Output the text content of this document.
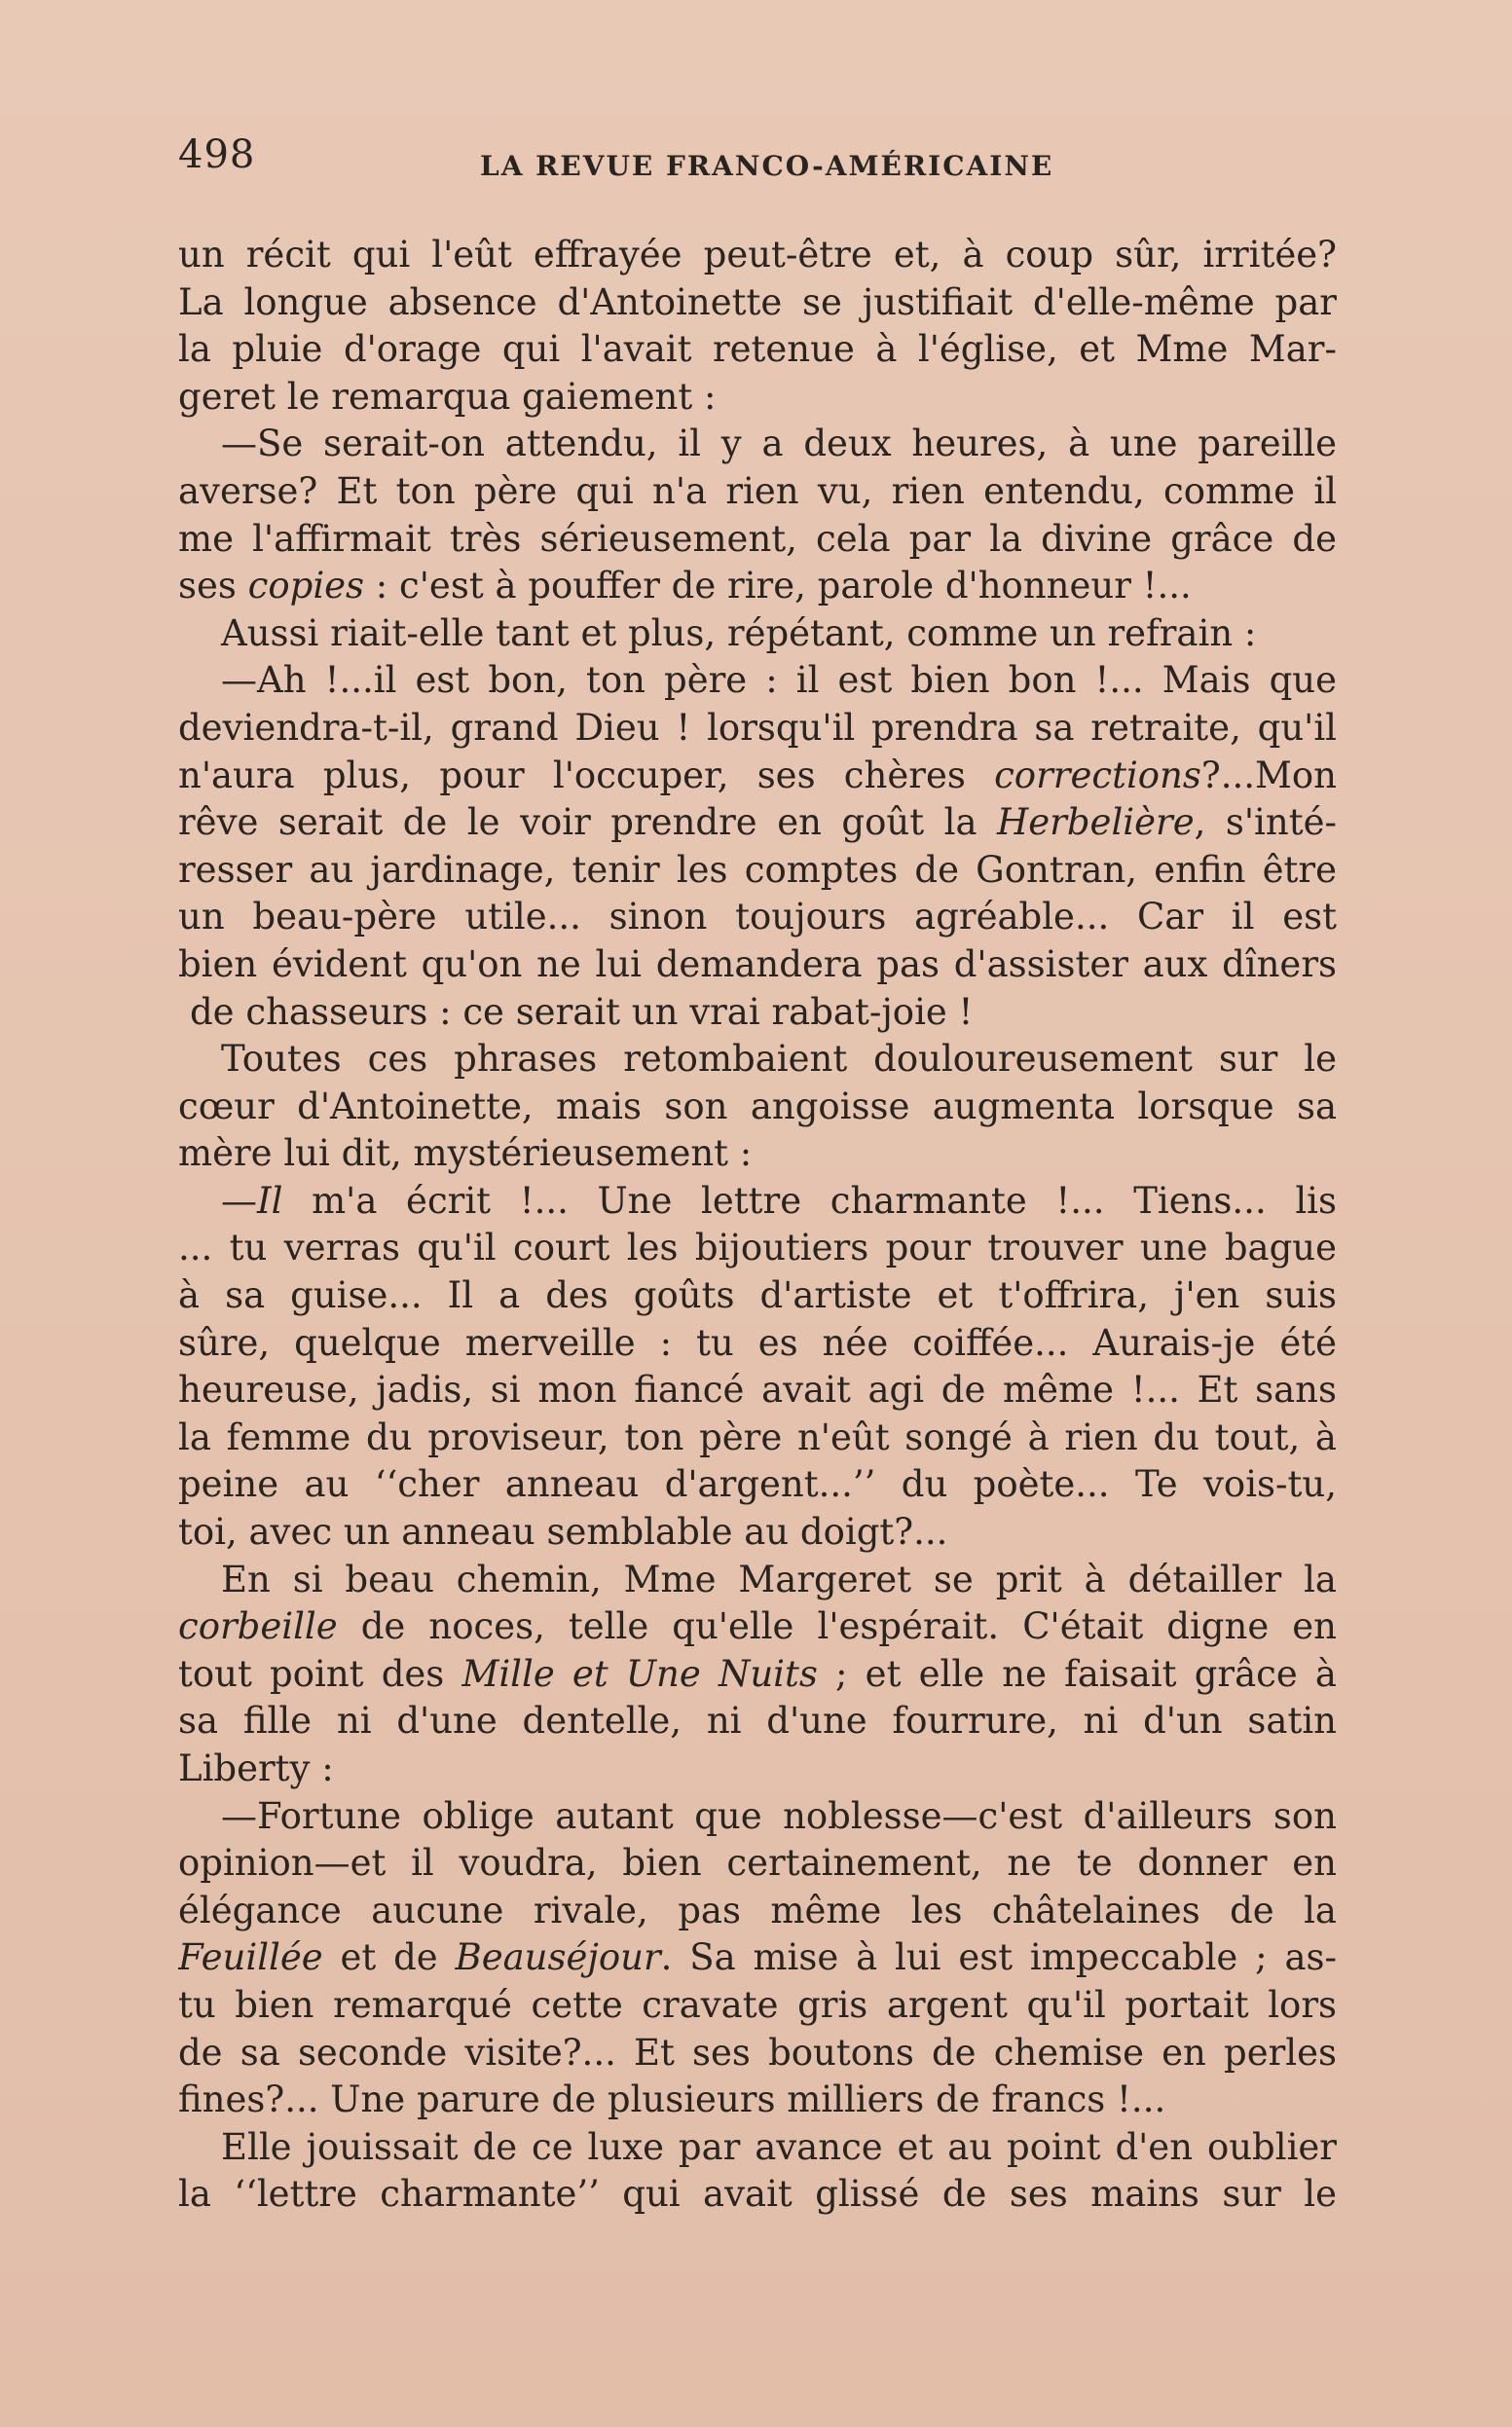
498	LA REVUE FRANCO-AMÉRICAINE
un récit qui l'eût effrayée peut-être et, à coup sûr, irritée?
La longue absence d'Antoinette se justifiait d'elle-même par
la pluie d'orage qui l'avait retenue à l'église, et Mme Mar-
geret le remarqua gaiement :
—Se serait-on attendu, il y a deux heures, à une pareille
averse? Et ton père qui n'a rien vu, rien entendu, comme il
me l'affirmait très sérieusement, cela par la divine grâce de
ses copies : c'est à pouffer de rire, parole d'honneur !...
Aussi riait-elle tant et plus, répétant, comme un refrain :
—Ah !...il est bon, ton père : il est bien bon !... Mais que
deviendra-t-il, grand Dieu ! lorsqu'il prendra sa retraite, qu'il
n'aura plus, pour l'occuper, ses chères corrections?...Mon
rêve serait de le voir prendre en goût la Herbelière, s'inté-
resser au jardinage, tenir les comptes de Gontran, enfin être
un beau-père utile... sinon toujours agréable... Car il est
bien évident qu'on ne lui demandera pas d'assister aux dîners
de chasseurs : ce serait un vrai rabat-joie !
Toutes ces phrases retombaient douloureusement sur le
cœur d'Antoinette, mais son angoisse augmenta lorsque sa
mère lui dit, mystérieusement :
—Il m'a écrit !... Une lettre charmante !... Tiens... lis
... tu verras qu'il court les bijoutiers pour trouver une bague
à sa guise... Il a des goûts d'artiste et t'offrira, j'en suis
sûre, quelque merveille : tu es née coiffée... Aurais-je été
heureuse, jadis, si mon fiancé avait agi de même !... Et sans
la femme du proviseur, ton père n'eût songé à rien du tout, à
peine au ‘‘cher anneau d'argent...’’ du poète... Te vois-tu,
toi, avec un anneau semblable au doigt?...
En si beau chemin, Mme Margeret se prit à détailler la
corbeille de noces, telle qu'elle l'espérait. C'était digne en
tout point des Mille et Une Nuits ; et elle ne faisait grâce à
sa fille ni d'une dentelle, ni d'une fourrure, ni d'un satin
Liberty :
—Fortune oblige autant que noblesse—c'est d'ailleurs son
opinion—et il voudra, bien certainement, ne te donner en
élégance aucune rivale, pas même les châtelaines de la
Feuillée et de Beauséjour. Sa mise à lui est impeccable ; as-
tu bien remarqué cette cravate gris argent qu'il portait lors
de sa seconde visite?... Et ses boutons de chemise en perles
fines?... Une parure de plusieurs milliers de francs !...
Elle jouissait de ce luxe par avance et au point d'en oublier
la ‘‘lettre charmante’’ qui avait glissé de ses mains sur le
